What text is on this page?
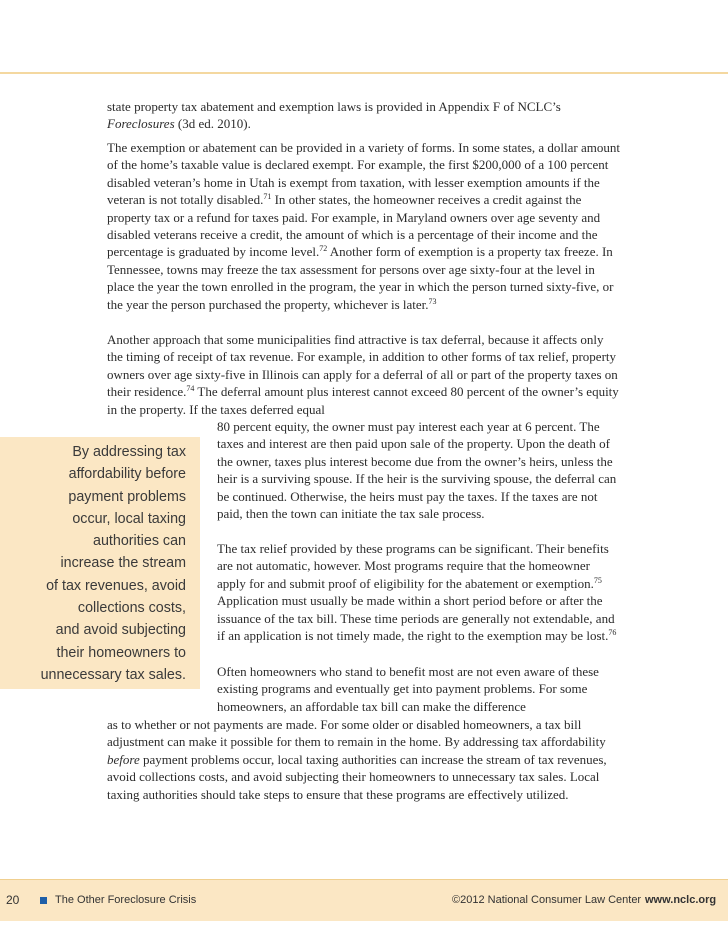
state property tax abatement and exemption laws is provided in Appendix F of NCLC’s
Foreclosures (3d ed. 2010).

The exemption or abatement can be provided in a variety of forms. In some states, a dollar amount of the home’s taxable value is declared exempt. For example, the first $200,000 of a 100 percent disabled veteran’s home in Utah is exempt from taxation, with lesser exemption amounts if the veteran is not totally disabled.$^{71}$ In other states, the homeowner receives a credit against the property tax or a refund for taxes paid. For example, in Maryland owners over age seventy and disabled veterans receive a credit, the amount of which is a percentage of their income and the percentage is graduated by income level.$^{72}$ Another form of exemption is a property tax freeze. In Tennessee, towns may freeze the tax assessment for persons over age sixty-four at the level in place the year the town enrolled in the program, the year in which the person turned sixty-five, or the year the person purchased the property, whichever is later.$^{73}$

Another approach that some municipalities find attractive is tax deferral, because it affects only the timing of receipt of tax revenue. For example, in addition to other forms of tax relief, property owners over age sixty-five in Illinois can apply for a deferral of all or part of the property taxes on their residence.$^{74}$ The deferral amount plus interest cannot exceed 80 percent of the owner’s equity in the property. If the taxes deferred equal

80 percent equity, the owner must pay interest each year at 6 percent. The taxes and interest are then paid upon sale of the property. Upon the death of the owner, taxes plus interest become due from the owner’s heirs, unless the heir is a surviving spouse. If the heir is the surviving spouse, the deferral can be continued. Otherwise, the heirs must pay the taxes. If the taxes are not paid, then the town can initiate the tax sale process.

The tax relief provided by these programs can be significant. Their benefits are not automatic, however. Most programs require that the homeowner apply for and submit proof of eligibility for the abatement or exemption.$^{75}$ Application must usually be made within a short period before or after the issuance of the tax bill. These time periods are generally not extendable, and if an application is not timely made, the right to the exemption may be lost.$^{76}$

Often homeowners who stand to benefit most are not even aware of these existing programs and eventually get into payment problems. For some homeowners, an affordable tax bill can make the difference

as to whether or not payments are made. For some older or disabled homeowners, a tax bill adjustment can make it possible for them to remain in the home. By addressing tax affordability before payment problems occur, local taxing authorities can increase the stream of tax revenues, avoid collections costs, and avoid subjecting their homeowners to unnecessary tax sales. Local taxing authorities should take steps to ensure that these programs are effectively utilized.

By addressing tax
affordability before
payment problems
occur, local taxing
authorities can
increase the stream
of tax revenues, avoid
collections costs,
and avoid subjecting
their homeowners to
unnecessary tax sales.
20	The Other Foreclosure Crisis	©2012 National Consumer Law Center www.nclc.org
